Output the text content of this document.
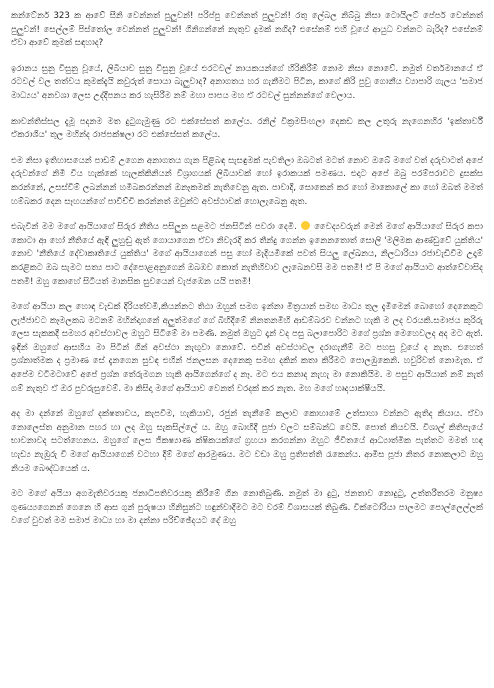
කන්ටේනර් 323 ක ආවේ සීනි වෙන්නත් පුලුවන්! පරිප්පු වෙන්නත් පුලුවන්! රතු ලේබල නිබ්බු නිසා ටොයිලට් පේපර් වෙන්නත් පුලුවන්! සෙල්ලම් පිස්තෝල වෙන්නත් පුලුවන්! ගිනිගන්නේ නැතුව දුමක් නගිද? එසේනම් එහි වූයේ ආයුධ වන්නට බැරිද? එසේනම් ඒවා ආවේ කුමක් සඳහාද?

ඉරානය සුනු විසුනු වූයේ, ලිබියාව සුනු විසුනු වූයේ එරටවල් නායකයන්ගේ හිරිකිරීම් නොම නිසා නොවේ. නමුත් වර්තමානයේ ඒ රටවල් වල තත්වය කුමක්දැයි කවුරුත් සොයා බැලුවාද? අනාගතය හර ගැනීමට පිටින, කාගේ කිරි පුවු ගොනීය ව්‍යාපාරි ගැලය 'සමාජ මාධ්‍යය' අනවශා ලෙස උද්දීපනය කර හැසිරීම නම් මහා පාපය මහ ඒ රටවල් සුන්නන්ගේ වෙලාය.

කාවන්තිස්සල දැමූ පදනම මත දුටුගැමුණු රට එක්සේසත් කලේය. රනිල් වික්‍රමසිංහලා දෙකඩ කල උතුරු නැගෙනහිර 'ඉක්තාර්වී ඒකරාශිය' තුල මහින්ද රාජපක්ෂලා රට එක්සේසත් කලේය.

එම නිසා ඉතිහාසයෙන් පාඩම් උගෙන අනාගතය ගැන පිළිබඳ සැසඳුමක් පැවතිලා ඔබටත් මටත් නොව ඔබේ මගේ වත් දරුවාටත් අපේ දරුවන්ගේ නිමි වීය හැක්කේ හැලක්කිනියන් විශ්‍රාගයක් ලිබියාවක් හෝ ඉරාකයක් පමණය. එදාට අපේ ඔබු පරම්පරාවට දුසක්ස කරන්නේ, උසස්වීම් ලබන්නන් හමිබකරන්නන් ඔනෑකමක් නැතිවෙනු ඇත. පාවාදී, සොකෙන් කර හෝ මාකොලේ කා හෝ ඔබත් මමත් හම්බකර දෙන සෑහයන්ගේ පාවීච්චි කරන්නත් ඔවුන්ට අවස්ථාවක් හොලැබෙනු ඇත.

එබැවින් මම මගේ ආයියාගේ සිරුර නීතිය පසිලුන සළමට ජනසිටින් පවරා දෙමි.  වෛද්‍යවරුන් මෙන් මගේ ආයියාගේ සිරුර කපා කොටා ආ හෝ නීතියේ ඇඳි ලුහුඬු ඇත් ගොයාගෙන ඒවා නිවැරදි කර තීන්දු ගෙන්න ඉනෙනතොත් සොලි 'මලිමක ආණ්ඩුවේ යුක්තිය' නොව 'නීතියේ දේවාකෘතියේ යුක්තිය' මගේ ආයියාගෙන් පසු හෝ මැදියමිකේ පවත් සියලු ලේඛනය, නිලධාරියා රජාවැඩිවීම උදෑම් කරළිකට ඔබ සැමට සත්‍ය පාට දේපොළඅනුගෙන් ඔබඹව කොත් නැතිහිවාව ලැබෙනවසි මම පතමි! ඒ පි මගේ ආයියාට ආත්වේවාසිද පතමි! ඔහු කොහේ සිටියත් මානසික සුවයෙන් වැජඹෙන යයි පතමි!

මගේ ආයියා කල හොඳ වැඩක් දිරියත්වමී,කියන්නට තිඨා ඔහුන් සමග ඉන්නා මිත්‍රයාන් සමඟ මාධ්‍ය තුල දැමීමෙන් බොහෝ දෙනෙකුට ලැජ්ජාවට කෑමලකබ මටනම් මහින්දාගනේ අලුත්මගේ ගේ බිහිදීමේ නිනතනමීහි ආඩම්බරව වන්නට හැකි ම ලද වරයකි.සමාජය කුරිරු ලෙස සැකකදී සමහර අවස්ථාවල ඔහුට සිටීමේ මා පමණි. නමුත් ඔහුට දෑන් වද පසු බලාපොරිට මගේ ප්‍රශ්න මෙහෙවලද අද මට ඇත්. ඉඳින් ඔහුගේ ආසහිය මා පිටින් ගින් අවස්ථා නැඟුවා නොවේ. එවින් අවස්ථාවල දරාගැනීම් මට පහසු වූයේ ද නැත. එහෙත් ප්‍රශ්නාත්මක ද ප්‍රමාණ සේ දැනගෙන සුවඳ එහින් ජනලසන දෙනෙකු සමඟ දකින් කතා කිරීමට පොලඹුකෙනි. හවුරිවත් නොමැත. ඒ අපේම වටිමටාවේ අපේ ප්‍රශ්න තේරුමගන හැකි ආයිගෙන්ගේ ද නෑ. මට එය කනාද නැහැ මා නොකියිම. ම පසුව ආයියාන් නම් නැත් ගම් නැතුව ඒ ඔර පුවරුසුවෙම්. මා කිසිදා මගේ ආයියාව වෙනත් වරදක් කර නැත. මහ මගේ හෘදයාක්ෂීයයි.

අද මා දන්නේ ඔහුගේ දක්ෂතාවය, කැපවීම, හැකියාව, රජුන් තැනීමේ කලාව කොහාමේ උත්සාහා වන්නට ඇතිද කියාය. ඒවා නොලෙස්ත අනුමාන පහර හා ලද ඔහු සැකසිල්ලේ ය. ඔහු බොහිදී පුජා වලට සම්බන්ධ වෙයි. පොත් කියවයි. විශාල් කිතිපැයේ භාවනාවද සටත්හෙනය. ඔහුගේ ලෙස ජිකෂ්‍යාණ ක්ෂිකයක්ගේ ග්‍රහයා කරගන්නා ඔහුට ජීවිතයේ ආධ්‍යාත්මික පැත්තට මමත් හඳ හැඩ්‍ය නැඹුරු වී මගේ ආයියාගෙන් වටහා දීම් මගේ ආරමුණය. මට වඩා ඔහු ප්‍රතිපත්ති රැකෙන්ය. ආමිස පූජා නිතර නොකලාට ඔහු නියම බෞද්ධයෙක් ය.

මට මගේ අයියා අගමැතිවරයකු ජනාධිපතිවරයකු කිරීමේ ගින නොතිබුණි. නමුත් මා දුටු, ජනතාව නොදුටු, උත්තරීතරම මනුෂ්‍ය ගුණය්‍යගෙනන් ගෙනෙ හි ආස ගුන් පුරුෂයා හිනිසුන්ට හඳුන්වාදීමට මට වරම් විශාසයක් තිබුණි. වික්ටෝරියා පාලමට පොල්ලෙල්ලක් වගේ වුවත් මම සමාජ මාධ්‍ය හා මා දන්නා පරිච්ඡේදයට දේ ඔහු
